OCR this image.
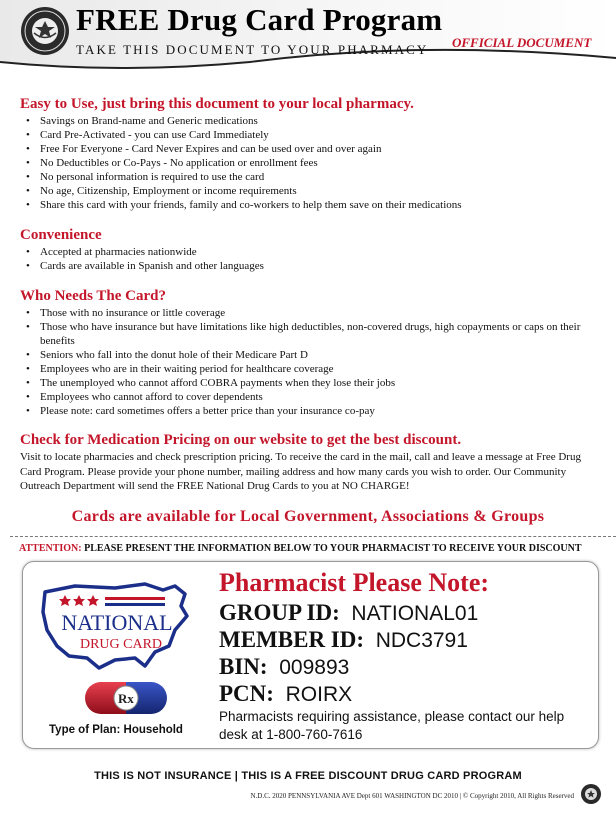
FREE Drug Card Program
TAKE THIS DOCUMENT TO YOUR PHARMACY OFFICIAL DOCUMENT
Easy to Use, just bring this document to your local pharmacy.
• Savings on Brand-name and Generic medications
• Card Pre-Activated - you can use Card Immediately
• Free For Everyone - Card Never Expires and can be used over and over again
• No Deductibles or Co-Pays - No application or enrollment fees
• No personal information is required to use the card
• No age, Citizenship, Employment or income requirements
• Share this card with your friends, family and co-workers to help them save on their medications
Convenience
• Accepted at pharmacies nationwide
• Cards are available in Spanish and other languages
Who Needs The Card?
• Those with no insurance or little coverage
• Those who have insurance but have limitations like high deductibles, non-covered drugs, high copayments or caps on their benefits
• Seniors who fall into the donut hole of their Medicare Part D
• Employees who are in their waiting period for healthcare coverage
• The unemployed who cannot afford COBRA payments when they lose their jobs
• Employees who cannot afford to cover dependents
• Please note: card sometimes offers a better price than your insurance co-pay
Check for Medication Pricing on our website to get the best discount.
Visit to locate pharmacies and check prescription pricing. To receive the card in the mail, call and leave a message at Free Drug Card Program. Please provide your phone number, mailing address and how many cards you wish to order. Our Community Outreach Department will send the FREE National Drug Cards to you at NO CHARGE!
Cards are available for Local Government, Associations & Groups
ATTENTION: PLEASE PRESENT THE INFORMATION BELOW TO YOUR PHARMACIST TO RECEIVE YOUR DISCOUNT
NATIONAL
DRUG CARD
Rx
Type of Plan: Household
Pharmacist Please Note:
GROUP ID: NATIONAL01
MEMBER ID: NDC3791
BIN: 009893
PCN: ROIRX
Pharmacists requiring assistance, please contact our help desk at 1-800-760-7616
THIS IS NOT INSURANCE | THIS IS A FREE DISCOUNT DRUG CARD PROGRAM
N.D.C. 2020 PENNSYLVANIA AVE Dept 601 WASHINGTON DC 2010 | © Copyright 2010, All Rights Reserved
